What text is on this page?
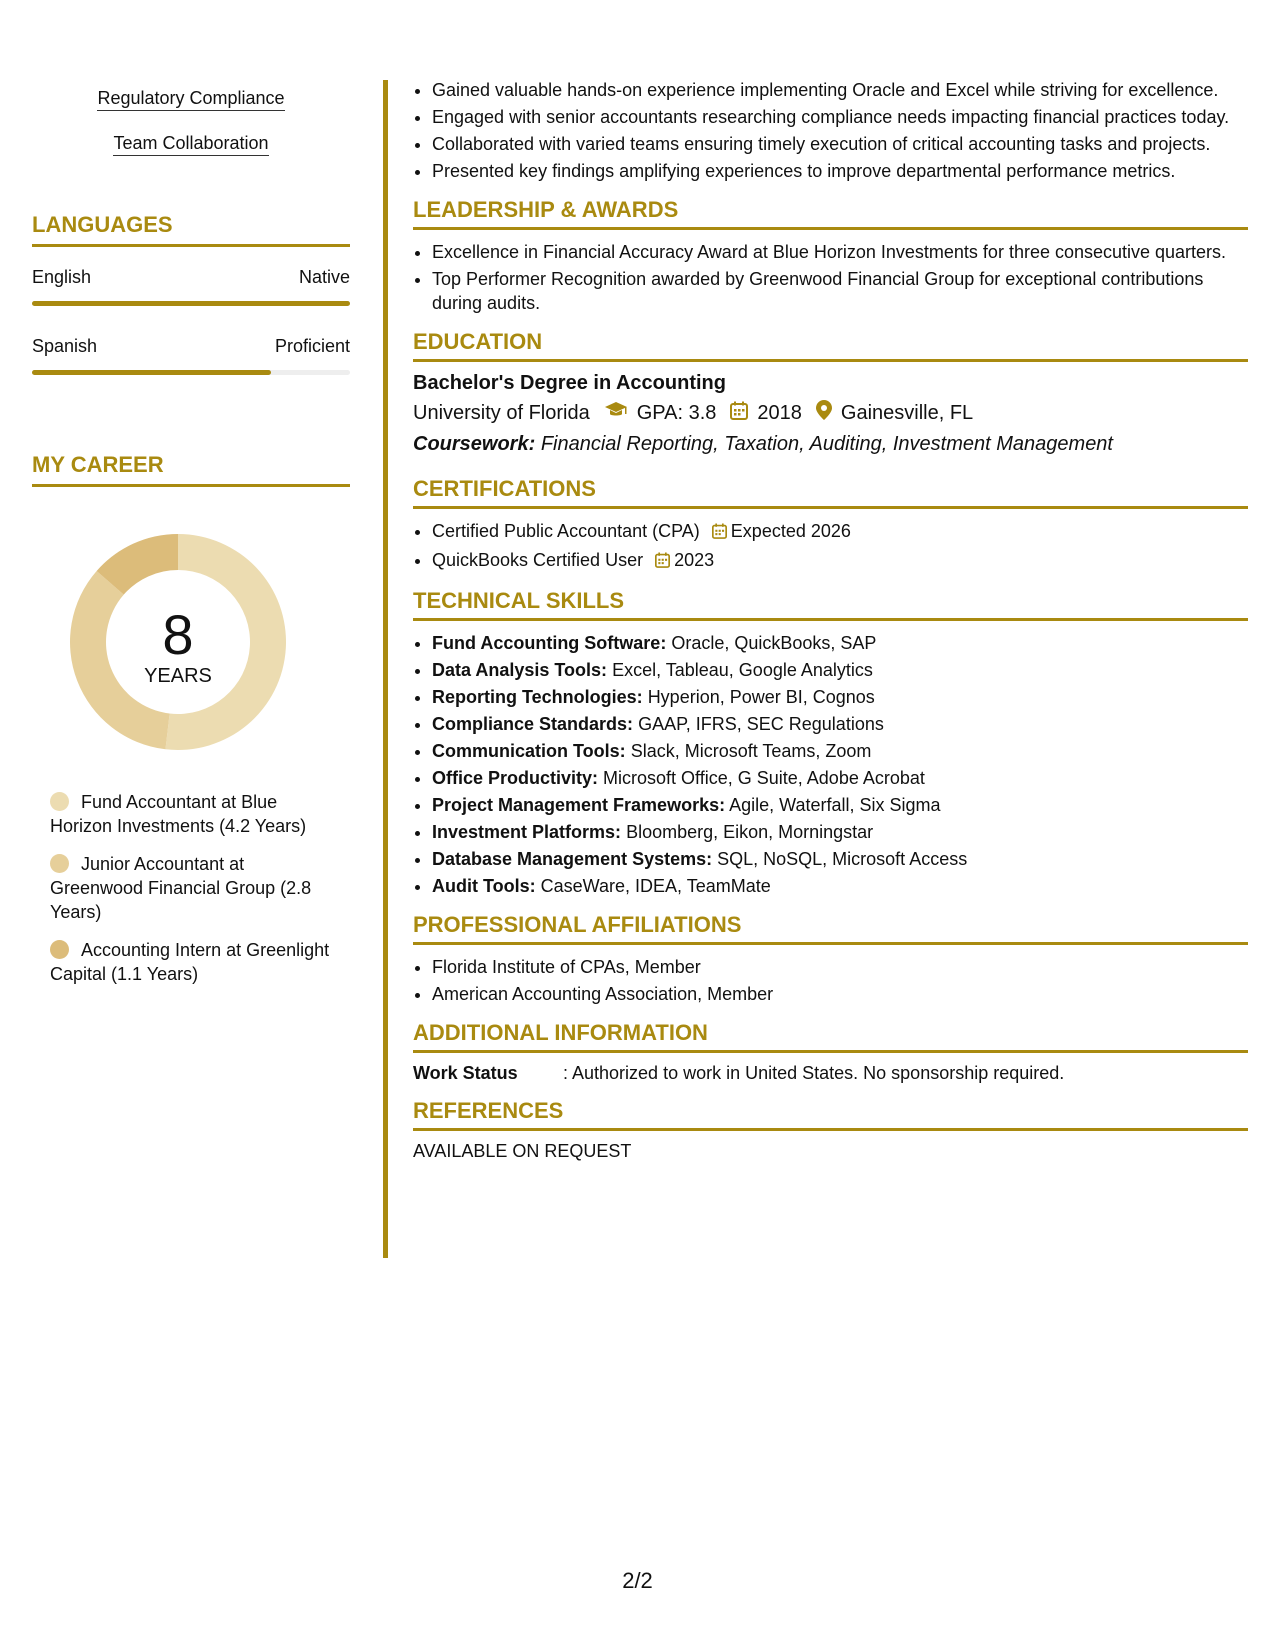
Regulatory Compliance
Team Collaboration
LANGUAGES
English	Native
Spanish	Proficient
MY CAREER
8
YEARS
Fund Accountant at Blue Horizon Investments (4.2 Years)
Junior Accountant at Greenwood Financial Group (2.8 Years)
Accounting Intern at Greenlight Capital (1.1 Years)
• Gained valuable hands-on experience implementing Oracle and Excel while striving for excellence.
• Engaged with senior accountants researching compliance needs impacting financial practices today.
• Collaborated with varied teams ensuring timely execution of critical accounting tasks and projects.
• Presented key findings amplifying experiences to improve departmental performance metrics.
LEADERSHIP & AWARDS
• Excellence in Financial Accuracy Award at Blue Horizon Investments for three consecutive quarters.
• Top Performer Recognition awarded by Greenwood Financial Group for exceptional contributions during audits.
EDUCATION
Bachelor's Degree in Accounting
University of Florida GPA: 3.8 2018 Gainesville, FL
Coursework: Financial Reporting, Taxation, Auditing, Investment Management
CERTIFICATIONS
• Certified Public Accountant (CPA) Expected 2026
• QuickBooks Certified User 2023
TECHNICAL SKILLS
• Fund Accounting Software: Oracle, QuickBooks, SAP
• Data Analysis Tools: Excel, Tableau, Google Analytics
• Reporting Technologies: Hyperion, Power BI, Cognos
• Compliance Standards: GAAP, IFRS, SEC Regulations
• Communication Tools: Slack, Microsoft Teams, Zoom
• Office Productivity: Microsoft Office, G Suite, Adobe Acrobat
• Project Management Frameworks: Agile, Waterfall, Six Sigma
• Investment Platforms: Bloomberg, Eikon, Morningstar
• Database Management Systems: SQL, NoSQL, Microsoft Access
• Audit Tools: CaseWare, IDEA, TeamMate
PROFESSIONAL AFFILIATIONS
• Florida Institute of CPAs, Member
• American Accounting Association, Member
ADDITIONAL INFORMATION
Work Status	: Authorized to work in United States. No sponsorship required.
REFERENCES
AVAILABLE ON REQUEST
2/2
